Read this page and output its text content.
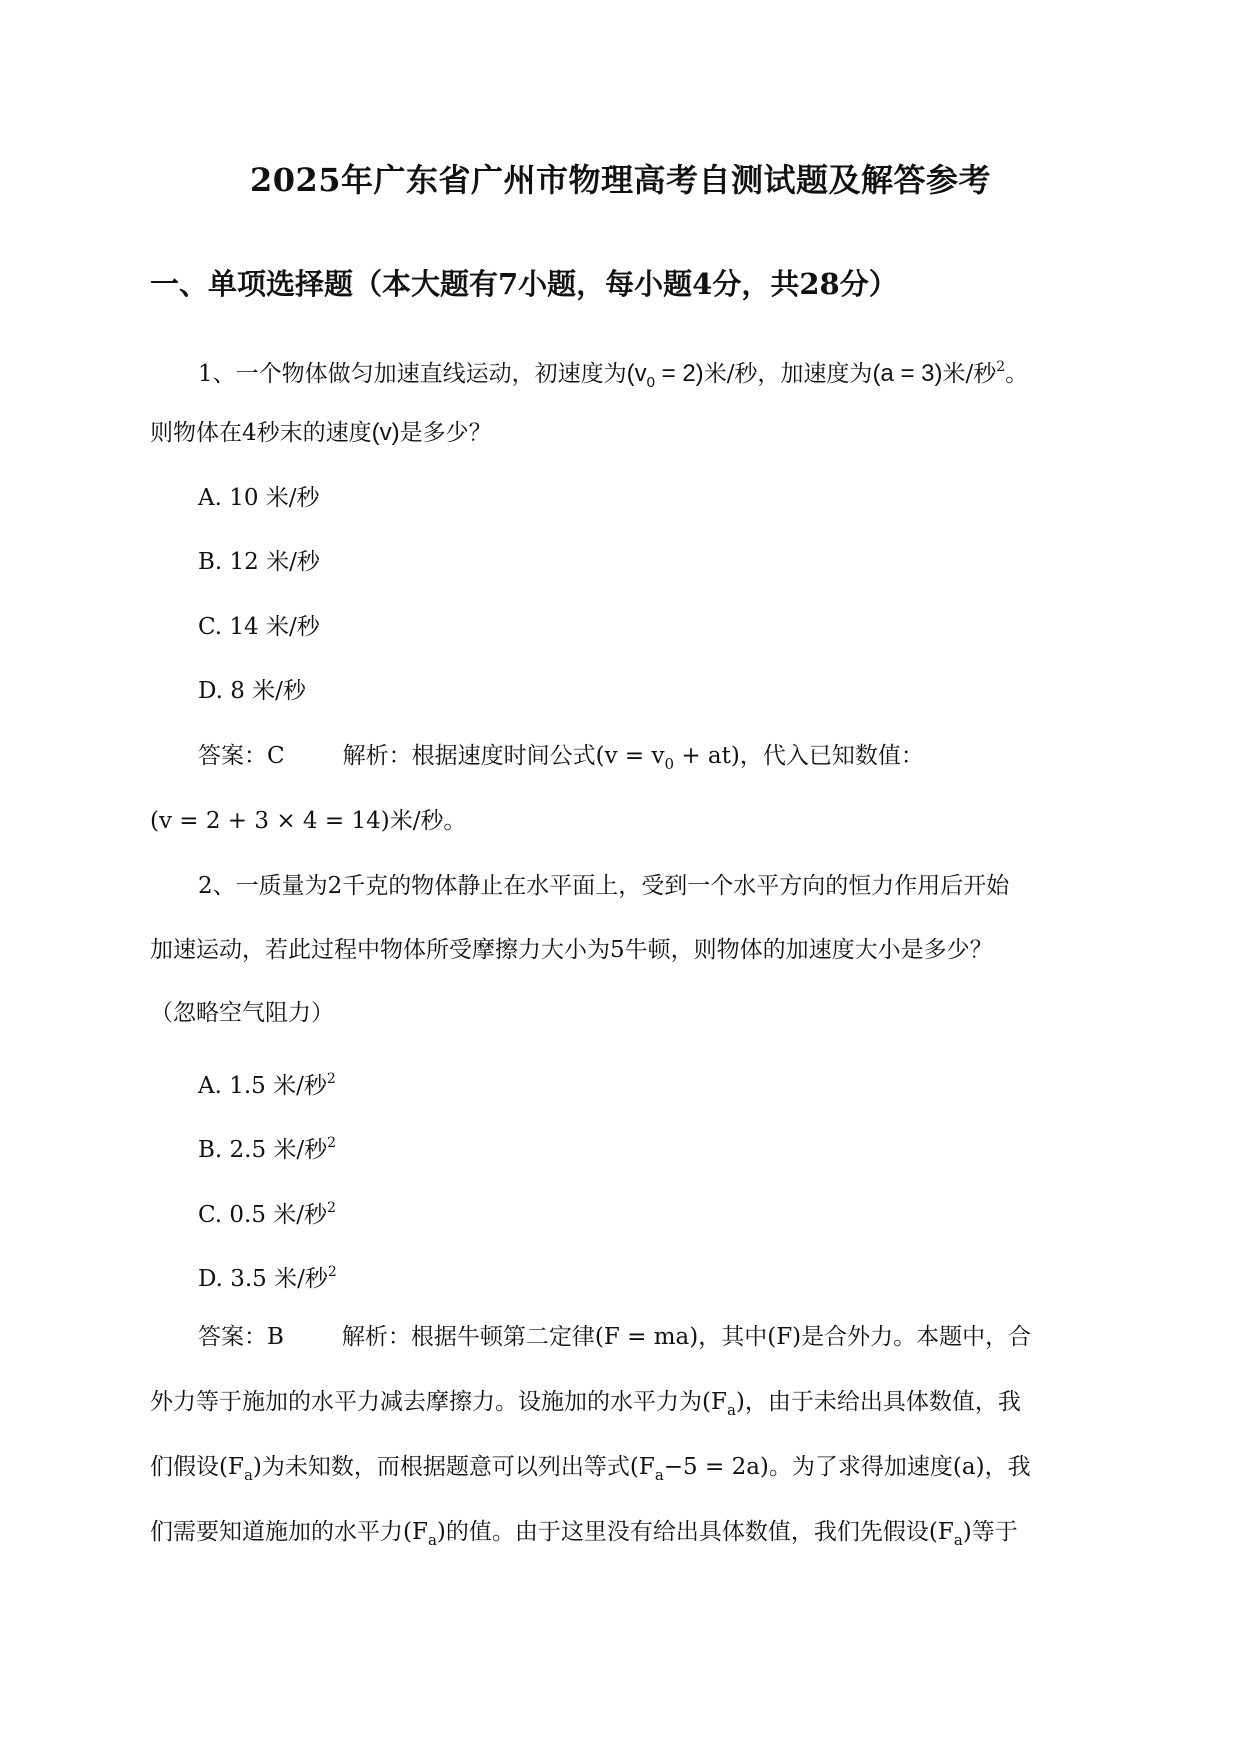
2025年广东省广州市物理高考自测试题及解答参考
一、单项选择题（本大题有7小题，每小题4分，共28分）
1、一个物体做匀加速直线运动，初速度为$(v_0 = 2)$米/秒，加速度为(a = 3)米/秒$^2$。
则物体在4秒末的速度(v)是多少？
A. 10 米/秒
B. 12 米/秒
C. 14 米/秒
D. 8 米/秒
答案：C	解析：根据速度时间公式$(v = v_0 + at)$，代入已知数值：
(v = 2 + 3 × 4 = 14)米/秒。
2、一质量为2千克的物体静止在水平面上，受到一个水平方向的恒力作用后开始
加速运动，若此过程中物体所受摩擦力大小为5牛顿，则物体的加速度大小是多少？
（忽略空气阻力）
A. 1.5 米/秒$^2$
B. 2.5 米/秒$^2$
C. 0.5 米/秒$^2$
D. 3.5 米/秒$^2$
答案：B	解析：根据牛顿第二定律(F = ma)，其中(F)是合外力。本题中，合
外力等于施加的水平力减去摩擦力。设施加的水平力为$(F_a)$，由于未给出具体数值，我
们假设$(F_a)$为未知数，而根据题意可以列出等式$(F_a-5 = 2a)$。为了求得加速度(a)，我
们需要知道施加的水平力$(F_a)$的值。由于这里没有给出具体数值，我们先假设$(F_a)$等于
